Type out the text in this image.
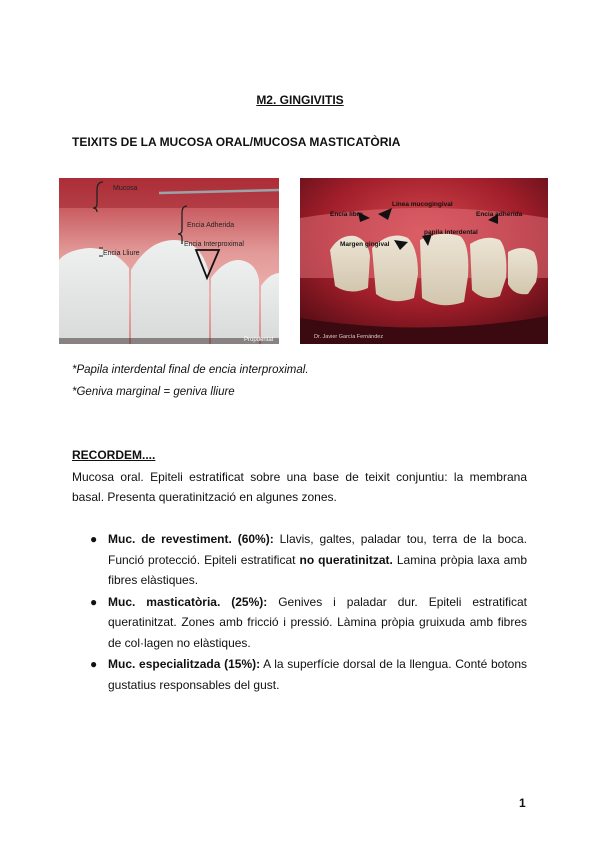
M2. GINGIVITIS
TEIXITS DE LA MUCOSA ORAL/MUCOSA MASTICATÒRIA
Mucosa
Encia Adherida
Encia Lliure
Encia Interproximal
Propdental
Línea mucogingival
Encía libre	Encía adherida
papila interdental
Margen gingival
Dr. Javier García Fernández
*Papila interdental final de encia interproximal.
*Geniva marginal = geniva lliure
RECORDEM....
Mucosa oral. Epiteli estratificat sobre una base de teixit conjuntiu: la membrana basal. Presenta queratinització en algunes zones.
● Muc. de revestiment. (60%): Llavis, galtes, paladar tou, terra de la boca. Funció protecció. Epiteli estratificat no queratinitzat. Lamina pròpia laxa amb fibres elàstiques.
● Muc. masticatòria. (25%): Genives i paladar dur. Epiteli estratificat queratinitzat. Zones amb fricció i pressió. Làmina pròpia gruixuda amb fibres de col·lagen no elàstiques.
● Muc. especialitzada (15%): A la superfície dorsal de la llengua. Conté botons gustatius responsables del gust.
1
